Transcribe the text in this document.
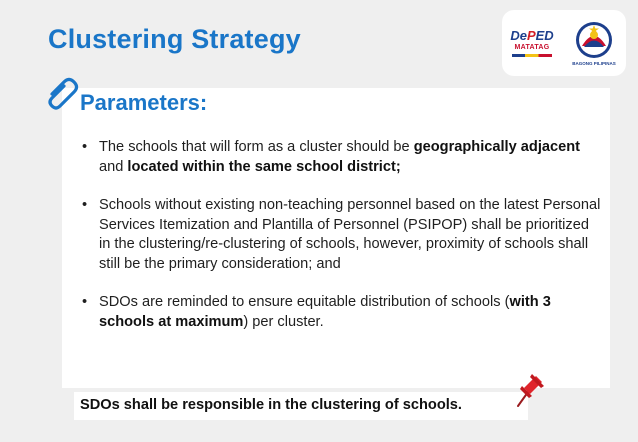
Clustering Strategy	DePED
MATATAG
BAGONG PILIPINAS
Parameters:
• The schools that will form as a cluster should be geographically adjacent and located within the same school district;
• Schools without existing non-teaching personnel based on the latest Personal Services Itemization and Plantilla of Personnel (PSIPOP) shall be prioritized in the clustering/re-clustering of schools, however, proximity of schools shall still be the primary consideration; and
• SDOs are reminded to ensure equitable distribution of schools (with 3 schools at maximum) per cluster.
SDOs shall be responsible in the clustering of schools.
